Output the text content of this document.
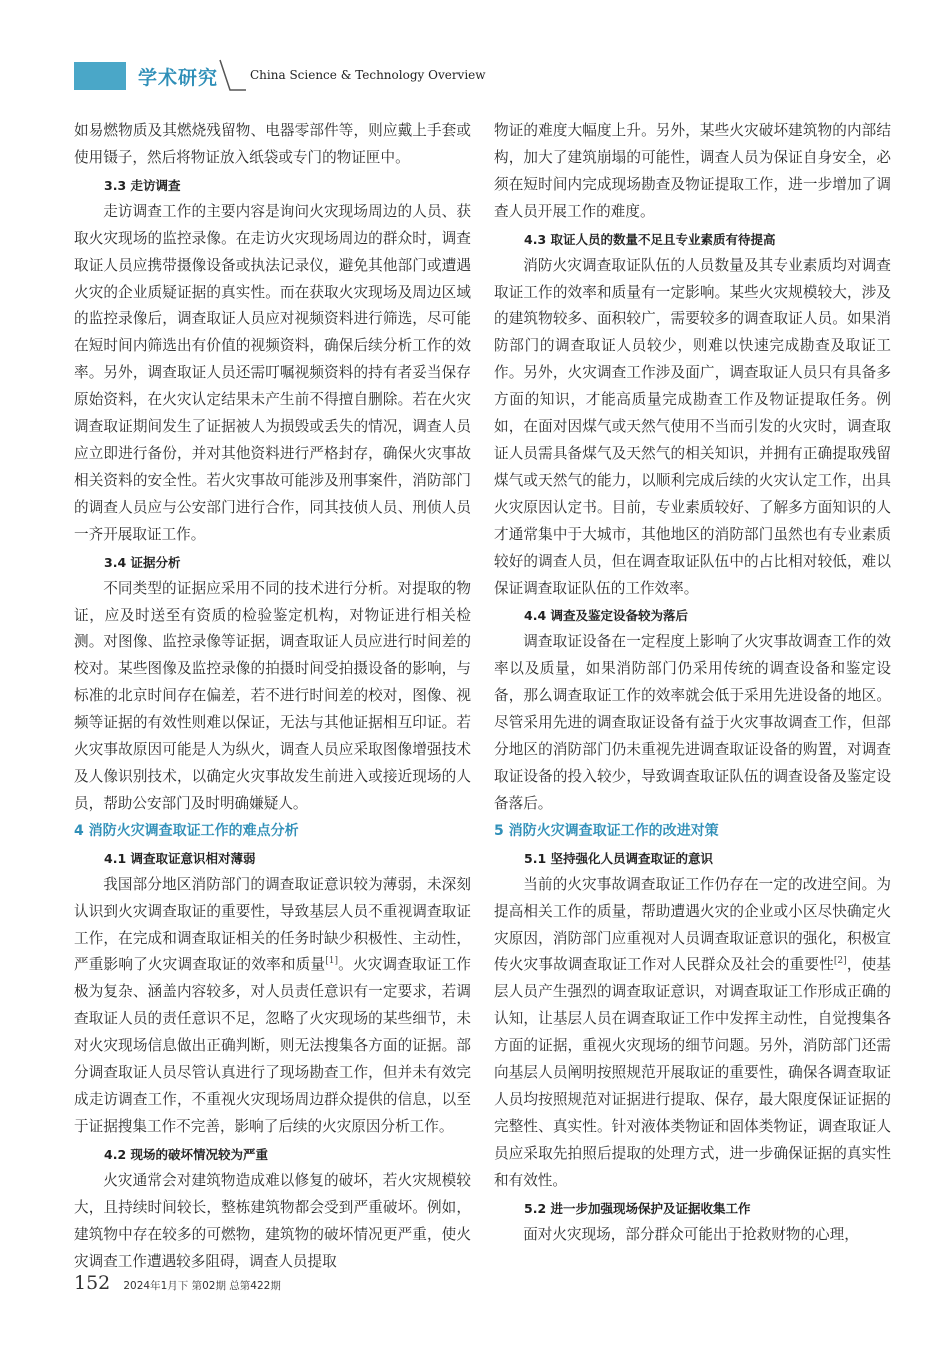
学术研究	China Science & Technology Overview

如易燃物质及其燃烧残留物、电器零部件等，则应戴上手套或使用镊子，然后将物证放入纸袋或专门的物证匣中。

3.3 走访调查

走访调查工作的主要内容是询问火灾现场周边的人员、获取火灾现场的监控录像。在走访火灾现场周边的群众时，调查取证人员应携带摄像设备或执法记录仪，避免其他部门或遭遇火灾的企业质疑证据的真实性。而在获取火灾现场及周边区域的监控录像后，调查取证人员应对视频资料进行筛选，尽可能在短时间内筛选出有价值的视频资料，确保后续分析工作的效率。另外，调查取证人员还需叮嘱视频资料的持有者妥当保存原始资料，在火灾认定结果未产生前不得擅自删除。若在火灾调查取证期间发生了证据被人为损毁或丢失的情况，调查人员应立即进行备份，并对其他资料进行严格封存，确保火灾事故相关资料的安全性。若火灾事故可能涉及刑事案件，消防部门的调查人员应与公安部门进行合作，同其技侦人员、刑侦人员一齐开展取证工作。

3.4 证据分析

不同类型的证据应采用不同的技术进行分析。对提取的物证，应及时送至有资质的检验鉴定机构，对物证进行相关检测。对图像、监控录像等证据，调查取证人员应进行时间差的校对。某些图像及监控录像的拍摄时间受拍摄设备的影响，与标准的北京时间存在偏差，若不进行时间差的校对，图像、视频等证据的有效性则难以保证，无法与其他证据相互印证。若火灾事故原因可能是人为纵火，调查人员应采取图像增强技术及人像识别技术，以确定火灾事故发生前进入或接近现场的人员，帮助公安部门及时明确嫌疑人。

4 消防火灾调查取证工作的难点分析
4.1 调查取证意识相对薄弱

我国部分地区消防部门的调查取证意识较为薄弱，未深刻认识到火灾调查取证的重要性，导致基层人员不重视调查取证工作，在完成和调查取证相关的任务时缺少积极性、主动性，严重影响了火灾调查取证的效率和质量[1]。火灾调查取证工作极为复杂、涵盖内容较多，对人员责任意识有一定要求，若调查取证人员的责任意识不足，忽略了火灾现场的某些细节，未对火灾现场信息做出正确判断，则无法搜集各方面的证据。部分调查取证人员尽管认真进行了现场勘查工作，但并未有效完成走访调查工作，不重视火灾现场周边群众提供的信息，以至于证据搜集工作不完善，影响了后续的火灾原因分析工作。

4.2 现场的破坏情况较为严重

火灾通常会对建筑物造成难以修复的破坏，若火灾规模较大，且持续时间较长，整栋建筑物都会受到严重破坏。例如，建筑物中存在较多的可燃物，建筑物的破坏情况更严重，使火灾调查工作遭遇较多阻碍，调查人员提取

物证的难度大幅度上升。另外，某些火灾破坏建筑物的内部结构，加大了建筑崩塌的可能性，调查人员为保证自身安全，必须在短时间内完成现场勘查及物证提取工作，进一步增加了调查人员开展工作的难度。

4.3 取证人员的数量不足且专业素质有待提高

消防火灾调查取证队伍的人员数量及其专业素质均对调查取证工作的效率和质量有一定影响。某些火灾规模较大，涉及的建筑物较多、面积较广，需要较多的调查取证人员。如果消防部门的调查取证人员较少，则难以快速完成勘查及取证工作。另外，火灾调查工作涉及面广，调查取证人员只有具备多方面的知识，才能高质量完成勘查工作及物证提取任务。例如，在面对因煤气或天然气使用不当而引发的火灾时，调查取证人员需具备煤气及天然气的相关知识，并拥有正确提取残留煤气或天然气的能力，以顺利完成后续的火灾认定工作，出具火灾原因认定书。目前，专业素质较好、了解多方面知识的人才通常集中于大城市，其他地区的消防部门虽然也有专业素质较好的调查人员，但在调查取证队伍中的占比相对较低，难以保证调查取证队伍的工作效率。

4.4 调查及鉴定设备较为落后

调查取证设备在一定程度上影响了火灾事故调查工作的效率以及质量，如果消防部门仍采用传统的调查设备和鉴定设备，那么调查取证工作的效率就会低于采用先进设备的地区。尽管采用先进的调查取证设备有益于火灾事故调查工作，但部分地区的消防部门仍未重视先进调查取证设备的购置，对调查取证设备的投入较少，导致调查取证队伍的调查设备及鉴定设备落后。

5 消防火灾调查取证工作的改进对策
5.1 坚持强化人员调查取证的意识

当前的火灾事故调查取证工作仍存在一定的改进空间。为提高相关工作的质量，帮助遭遇火灾的企业或小区尽快确定火灾原因，消防部门应重视对人员调查取证意识的强化，积极宣传火灾事故调查取证工作对人民群众及社会的重要性[2]，使基层人员产生强烈的调查取证意识，对调查取证工作形成正确的认知，让基层人员在调查取证工作中发挥主动性，自觉搜集各方面的证据，重视火灾现场的细节问题。另外，消防部门还需向基层人员阐明按照规范开展取证的重要性，确保各调查取证人员均按照规范对证据进行提取、保存，最大限度保证证据的完整性、真实性。针对液体类物证和固体类物证，调查取证人员应采取先拍照后提取的处理方式，进一步确保证据的真实性和有效性。

5.2 进一步加强现场保护及证据收集工作

面对火灾现场，部分群众可能出于抢救财物的心理，

152 2024年1月下 第02期 总第422期
